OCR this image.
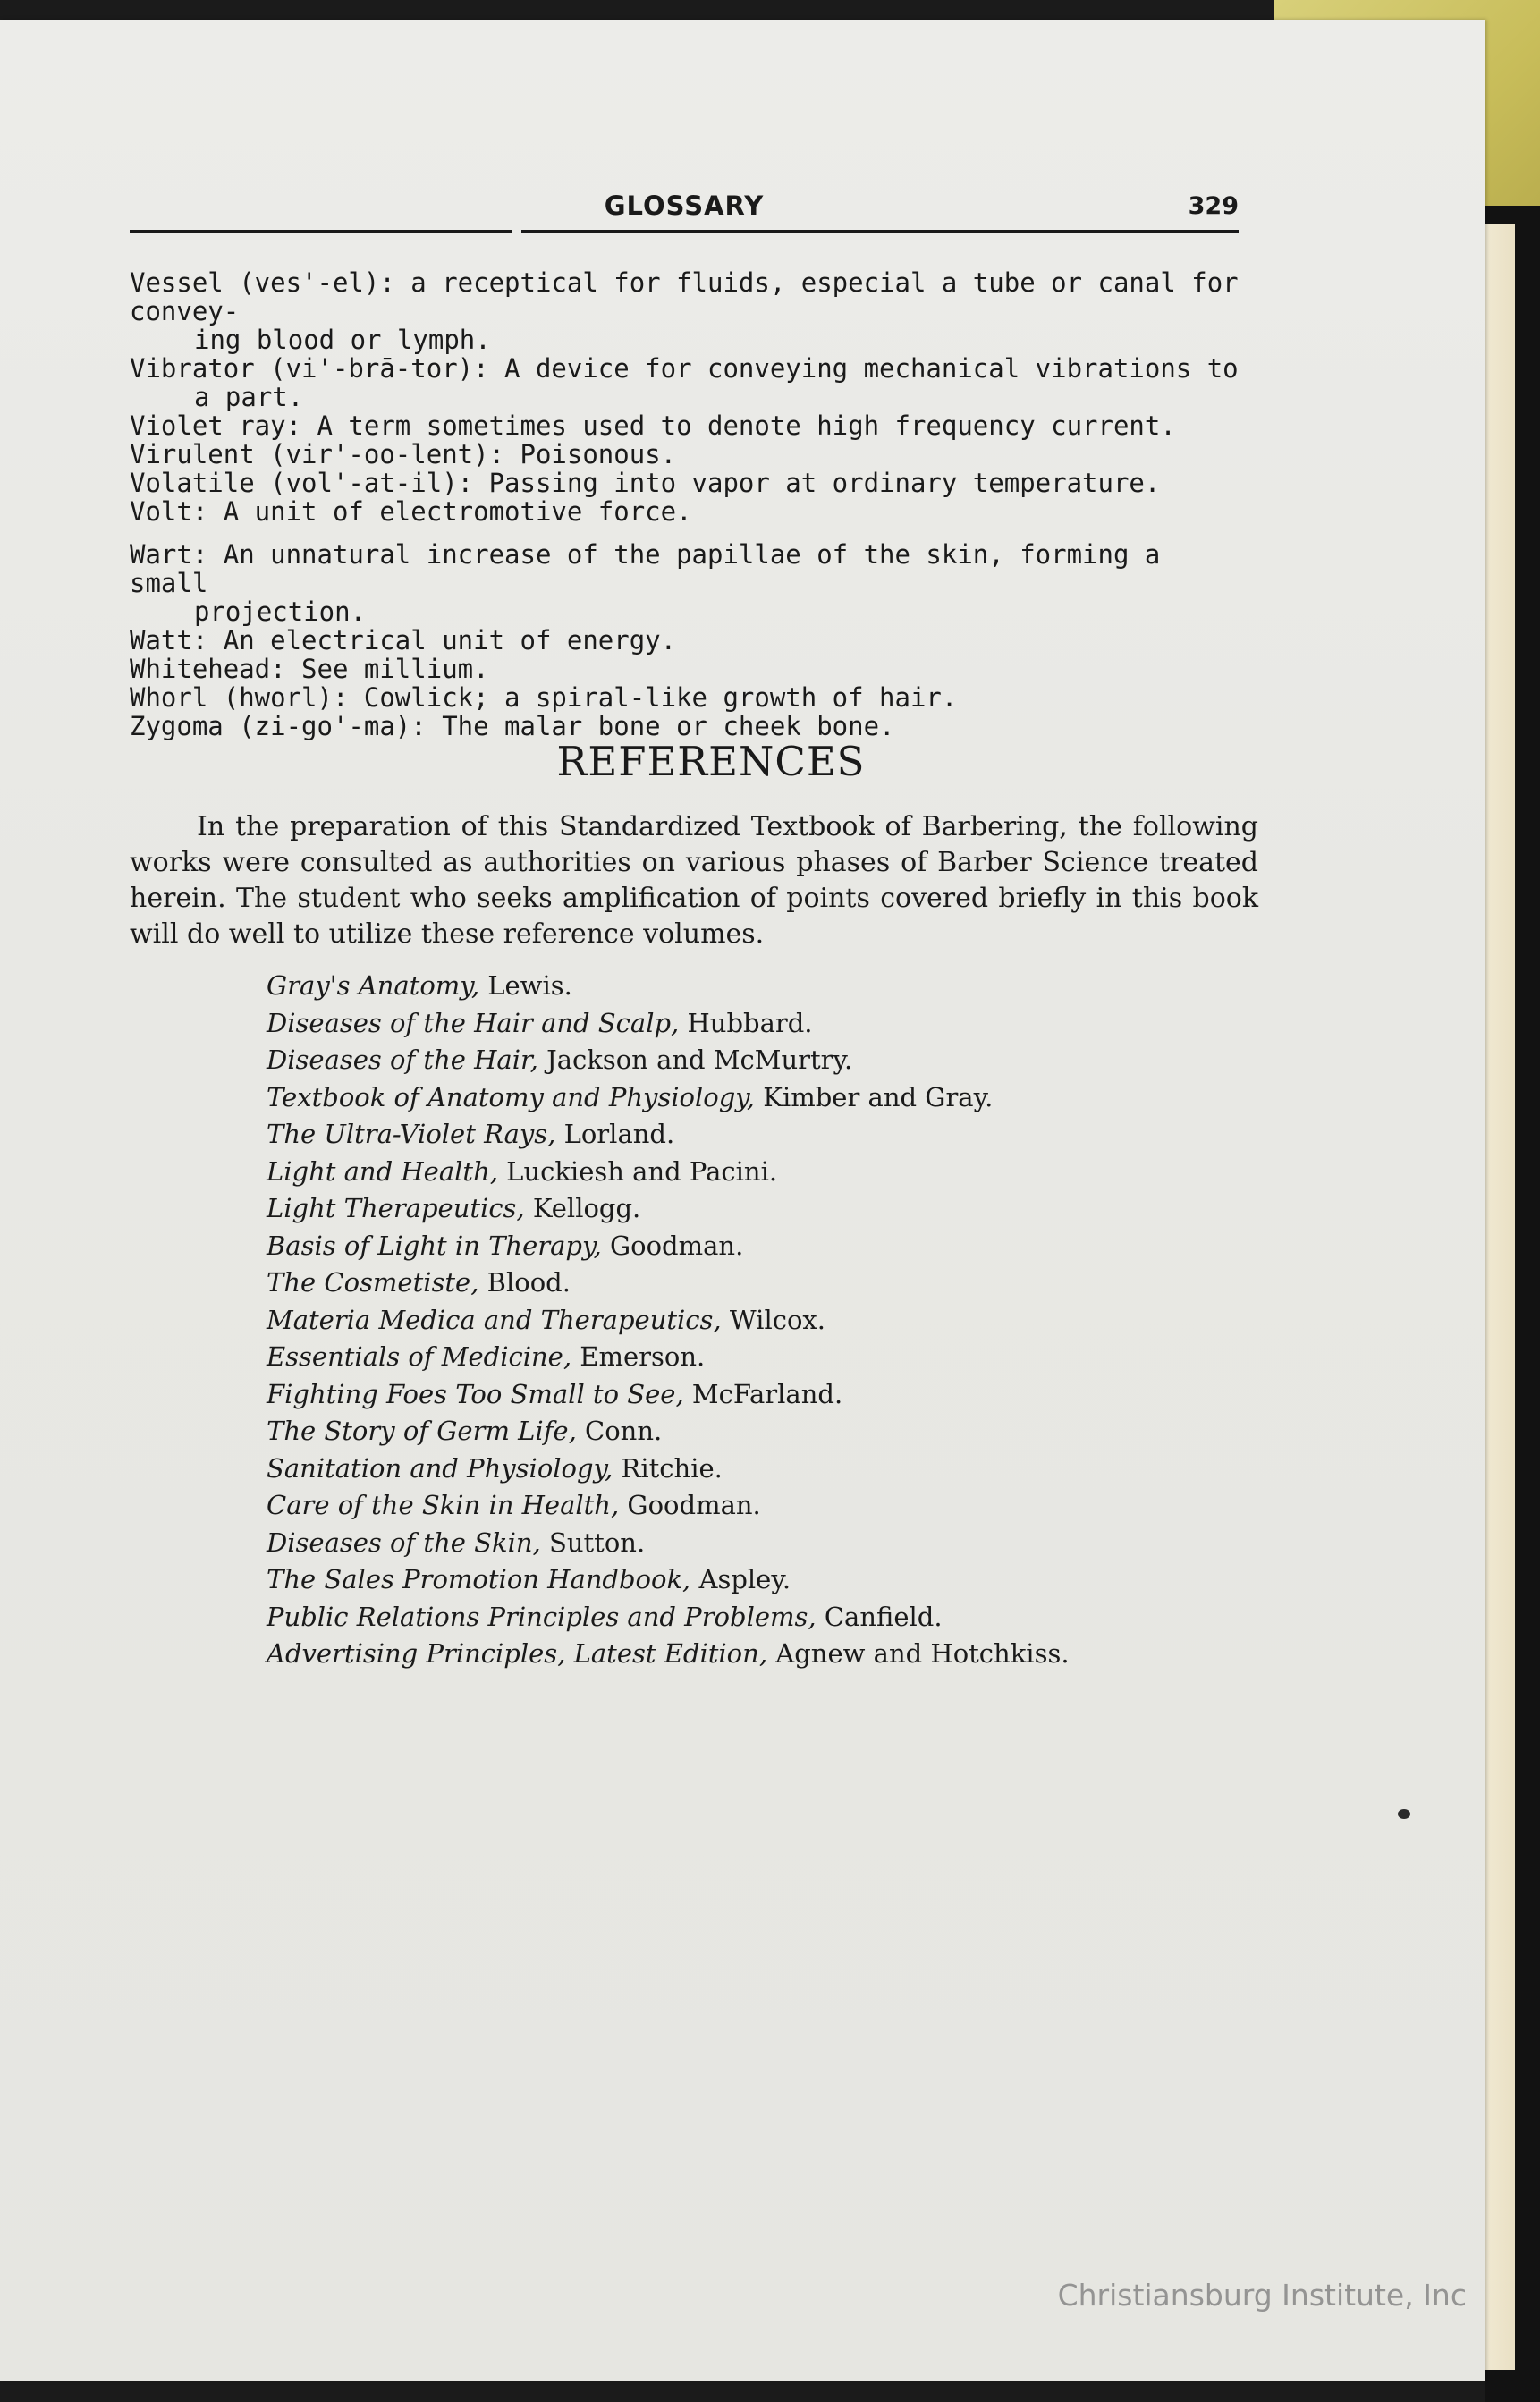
GLOSSARY	329

Vessel (ves'-el): a receptical for fluids, especial a tube or canal for convey-
ing blood or lymph.

Vibrator (vi'-brā-tor): A device for conveying mechanical vibrations to
a part.

Violet ray: A term sometimes used to denote high frequency current.

Virulent (vir'-oo-lent): Poisonous.

Volatile (vol'-at-il): Passing into vapor at ordinary temperature.

Volt: A unit of electromotive force.

Wart: An unnatural increase of the papillae of the skin, forming a small
projection.

Watt: An electrical unit of energy.

Whitehead: See millium.

Whorl (hworl): Cowlick; a spiral-like growth of hair.

Zygoma (zi-go'-ma): The malar bone or cheek bone.

REFERENCES

In the preparation of this Standardized Textbook of Barbering, the following works were consulted as authorities on various phases of Barber Science treated herein. The student who seeks amplification of points covered briefly in this book will do well to utilize these reference volumes.

Gray's Anatomy, Lewis.
Diseases of the Hair and Scalp, Hubbard.
Diseases of the Hair, Jackson and McMurtry.
Textbook of Anatomy and Physiology, Kimber and Gray.
The Ultra-Violet Rays, Lorland.
Light and Health, Luckiesh and Pacini.
Light Therapeutics, Kellogg.
Basis of Light in Therapy, Goodman.
The Cosmetiste, Blood.
Materia Medica and Therapeutics, Wilcox.
Essentials of Medicine, Emerson.
Fighting Foes Too Small to See, McFarland.
The Story of Germ Life, Conn.
Sanitation and Physiology, Ritchie.
Care of the Skin in Health, Goodman.
Diseases of the Skin, Sutton.
The Sales Promotion Handbook, Aspley.
Public Relations Principles and Problems, Canfield.
Advertising Principles, Latest Edition, Agnew and Hotchkiss.
Christiansburg Institute, Inc
